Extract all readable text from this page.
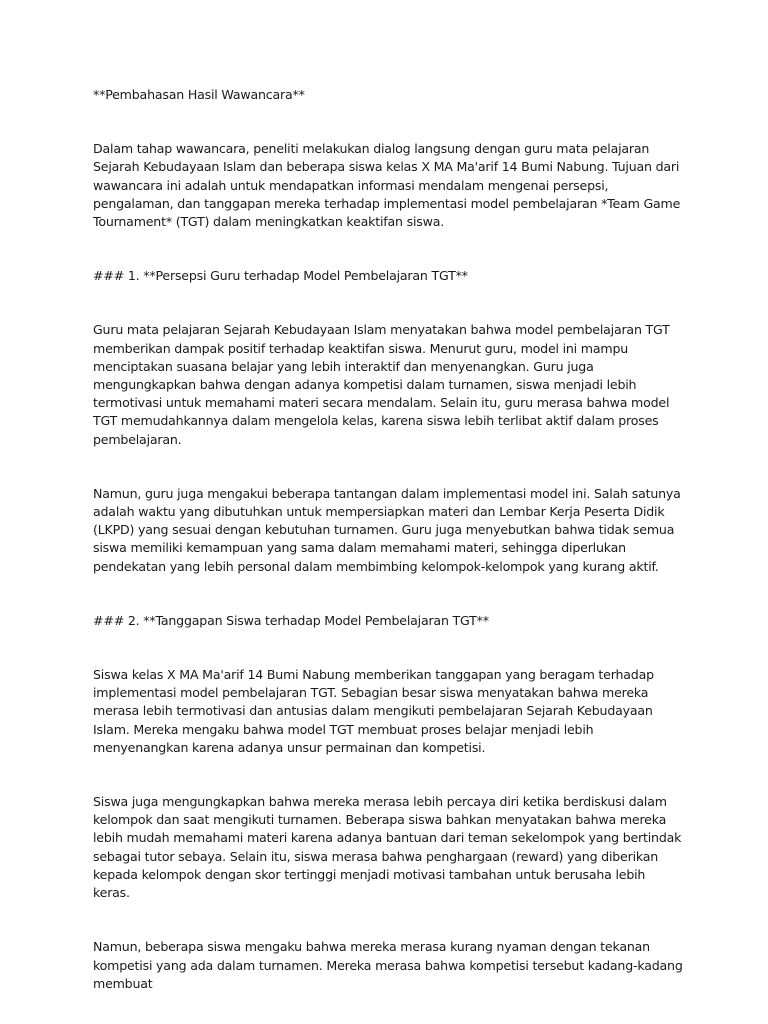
**Pembahasan Hasil Wawancara**

Dalam tahap wawancara, peneliti melakukan dialog langsung dengan guru mata pelajaran Sejarah Kebudayaan Islam dan beberapa siswa kelas X MA Ma'arif 14 Bumi Nabung. Tujuan dari wawancara ini adalah untuk mendapatkan informasi mendalam mengenai persepsi, pengalaman, dan tanggapan mereka terhadap implementasi model pembelajaran *Team Game Tournament* (TGT) dalam meningkatkan keaktifan siswa.

### 1. **Persepsi Guru terhadap Model Pembelajaran TGT**

Guru mata pelajaran Sejarah Kebudayaan Islam menyatakan bahwa model pembelajaran TGT memberikan dampak positif terhadap keaktifan siswa. Menurut guru, model ini mampu menciptakan suasana belajar yang lebih interaktif dan menyenangkan. Guru juga mengungkapkan bahwa dengan adanya kompetisi dalam turnamen, siswa menjadi lebih termotivasi untuk memahami materi secara mendalam. Selain itu, guru merasa bahwa model TGT memudahkannya dalam mengelola kelas, karena siswa lebih terlibat aktif dalam proses pembelajaran.

Namun, guru juga mengakui beberapa tantangan dalam implementasi model ini. Salah satunya adalah waktu yang dibutuhkan untuk mempersiapkan materi dan Lembar Kerja Peserta Didik (LKPD) yang sesuai dengan kebutuhan turnamen. Guru juga menyebutkan bahwa tidak semua siswa memiliki kemampuan yang sama dalam memahami materi, sehingga diperlukan pendekatan yang lebih personal dalam membimbing kelompok-kelompok yang kurang aktif.

### 2. **Tanggapan Siswa terhadap Model Pembelajaran TGT**

Siswa kelas X MA Ma'arif 14 Bumi Nabung memberikan tanggapan yang beragam terhadap implementasi model pembelajaran TGT. Sebagian besar siswa menyatakan bahwa mereka merasa lebih termotivasi dan antusias dalam mengikuti pembelajaran Sejarah Kebudayaan Islam. Mereka mengaku bahwa model TGT membuat proses belajar menjadi lebih menyenangkan karena adanya unsur permainan dan kompetisi.

Siswa juga mengungkapkan bahwa mereka merasa lebih percaya diri ketika berdiskusi dalam kelompok dan saat mengikuti turnamen. Beberapa siswa bahkan menyatakan bahwa mereka lebih mudah memahami materi karena adanya bantuan dari teman sekelompok yang bertindak sebagai tutor sebaya. Selain itu, siswa merasa bahwa penghargaan (reward) yang diberikan kepada kelompok dengan skor tertinggi menjadi motivasi tambahan untuk berusaha lebih keras.

Namun, beberapa siswa mengaku bahwa mereka merasa kurang nyaman dengan tekanan kompetisi yang ada dalam turnamen. Mereka merasa bahwa kompetisi tersebut kadang-kadang membuat
